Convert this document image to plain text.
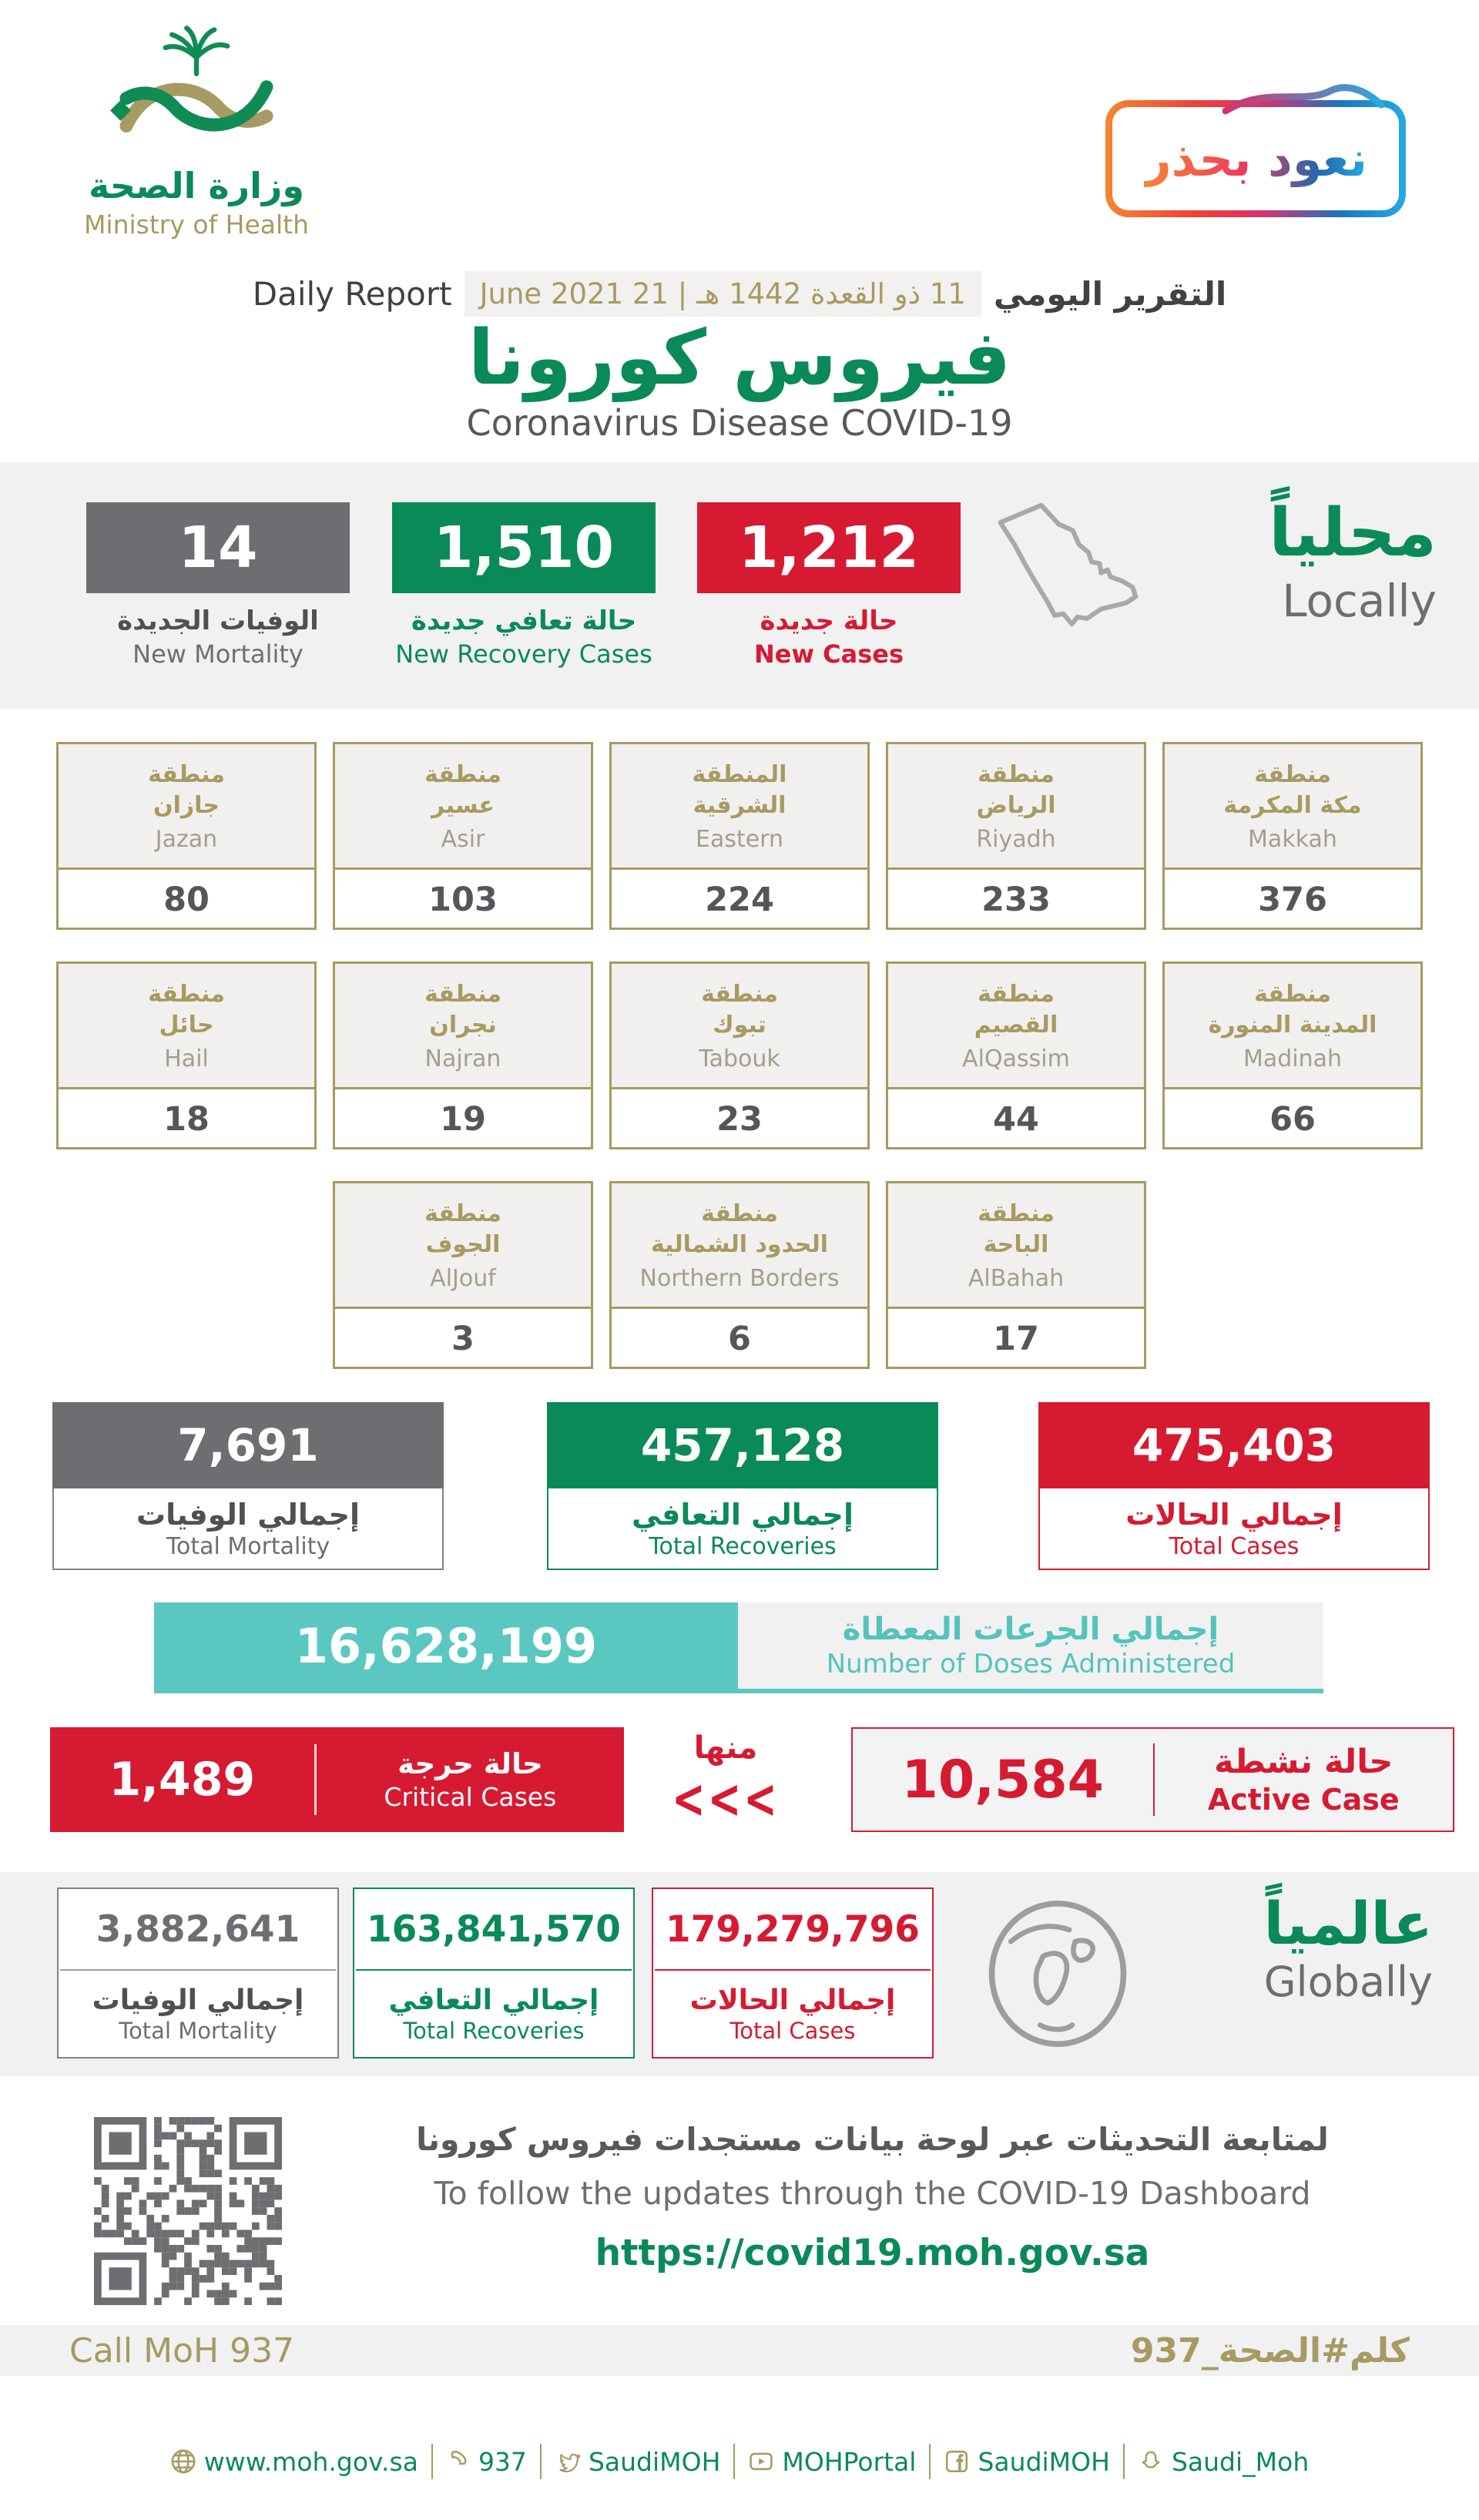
وزارة الصحة
Ministry of Health
نعود بحذر
Daily Report 11 ذو القعدة 1442 هـ | 21 June 2021 التقرير اليومي
فيروس كورونا
Coronavirus Disease COVID-19
14
الوفيات الجديدة
New Mortality
1,510
حالة تعافي جديدة
New Recovery Cases
1,212
حالة جديدة
New Cases
محلياً
Locally
منطقة
جازان
Jazan
80
منطقة
عسير
Asir
103
المنطقة
الشرقية
Eastern
224
منطقة
الرياض
Riyadh
233
منطقة
مكة المكرمة
Makkah
376
منطقة
حائل
Hail
18
منطقة
نجران
Najran
19
منطقة
تبوك
Tabouk
23
منطقة
القصيم
AlQassim
44
منطقة
المدينة المنورة
Madinah
66
منطقة
الجوف
AlJouf
3
منطقة
الحدود الشمالية
Northern Borders
6
منطقة
الباحة
AlBahah
17
7,691
إجمالي الوفيات
Total Mortality
457,128
إجمالي التعافي
Total Recoveries
475,403
إجمالي الحالات
Total Cases
16,628,199	إجمالي الجرعات المعطاة
Number of Doses Administered
1,489	حالة حرجة
Critical Cases
منها
<<<	10,584	حالة نشطة
Active Case
3,882,641
إجمالي الوفيات
Total Mortality
163,841,570
إجمالي التعافي
Total Recoveries
179,279,796
إجمالي الحالات
Total Cases
عالمياً
Globally
لمتابعة التحديثات عبر لوحة بيانات مستجدات فيروس كورونا
To follow the updates through the COVID-19 Dashboard
https://covid19.moh.gov.sa
Call MoH 937	كلم#الصحة_937
www.moh.gov.sa 937 SaudiMOH MOHPortal SaudiMOH Saudi_Moh
